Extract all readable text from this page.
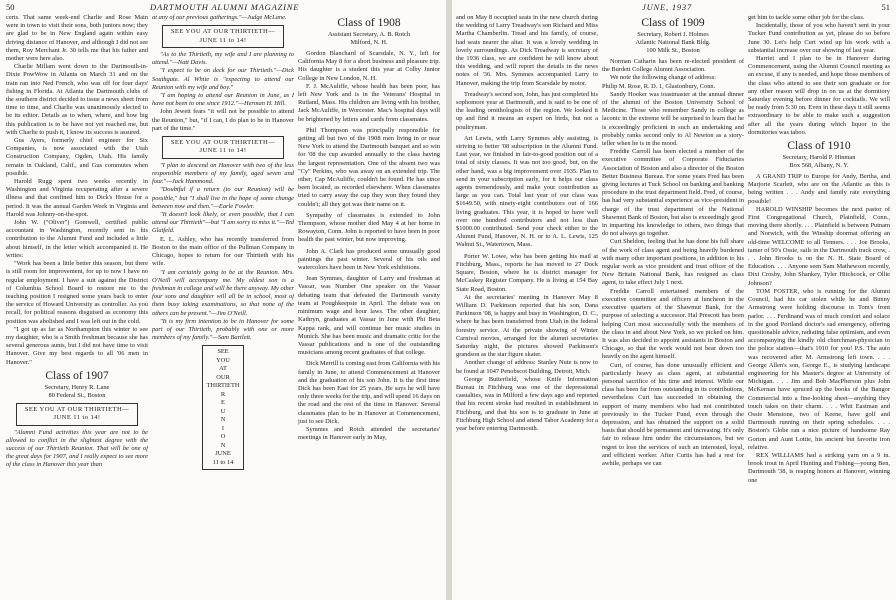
50	DARTMOUTH ALUMNI MAGAZINE

certs. That same week-end Charlie and Rose Main were in town to visit their sons, both juniors now; they are glad to be in New England again within easy driving distance of Hanover, and although I did not see them, Roy Merchant Jr. 30 tells me that his father and mother were here also.

Charlie Millam went down to the Dartmouth-in-Dixie PowWow in Atlanta on March 31 and on the train ran into Ned French, who was off for four days' fishing in Florida. At Atlanta the Dartmouth clubs of the southern district decided to issue a news sheet from time to time, and Charlie was unanimously elected to be its editor. Details as to when, where, and how big this publication is to be have not yet reached me, but with Charlie to push it, I know its success is assured.

Gus Ayers, formerly chief engineer for Six Companies, is now associated with the Utah Construction Company, Ogden, Utah. His family remain in Oakland, Calif., and Gus commutes when possible.

Harold Rugg spent two weeks recently in Washington and Virginia recuperating after a severe illness and that confined him to Dick's House for a period. It was the annual Garden Week in Virginia and Harold was Johnny-on-the-spot.

John W. ("Oliver") Gomwell, certified public accountant in Washington, recently sent in his contribution to the Alumni Fund and included a little about himself, in the letter which accompanied it. He writes:

"Work has been a little better this season, but there is still room for improvement, for up to now I have no regular employment. I have a suit against the District of Columbia School Board to restore me to the teaching position I resigned some years back to enter the service of Howard University as controller. As you recall, for political reasons disguised as economy this position was abolished and I was left out in the cold.

"I got up as far as Northampton this winter to see my daughter, who is a Smith freshman because she has several generous aunts, but I did not have time to visit Hanover. Give my best regards to all '06 men in Hanover."

Class of 1907
Secretary, Henry R. Lane
80 Federal St., Boston
SEE YOU AT OUR THIRTIETH—
JUNE 11 to 14!

"Alumni Fund activities this year are not to be allowed to conflict in the slightest degree with the success of our Thirtieth Reunion. That will be one of the great days for 1907, and I really expect to see more of the class in Hanover this year than

at any of our previous gatherings."—Judge McLane.

SEE YOU AT OUR THIRTIETH—
JUNE 11 to 14!

"As to the Thirtieth, my wife and I are planning to attend."—Natt Davis.

"I expect to be on deck for our Thirtieth."—Dick Southgate. Al White is "expecting to attend our Reunion with my wife and boy."

"I am hoping to attend our Reunion in June, as I have not been to one since 1912."—Herman H. Hill.

John Jewett fears "it will not be possible to attend the Reunion," but, "if I can, I do plan to be in Hanover part of the time."

SEE YOU AT OUR THIRTIETH—
JUNE 11 to 14!

"I plan to descend on Hanover with two of the less responsible members of my family, aged seven and four."—Jack Hammond.

"Doubtful if a return (to our Reunion) will be possible," but "I shall live in the hope of some change between now and then."—Earle Fowler.

"It doesn't look likely, or even possible, that I can attend our Thirtieth"—but "I am sorry to miss it."—Ted Glatfeld.

E. L. Ashley, who has recently transferred from Boston to the main office of the Pullman Company in Chicago, hopes to return for our Thirtieth with his wife.

"I am certainly going to be at the Reunion. Mrs. O'Neill will accompany me. My oldest son is a freshman in college and will be there anyway. My other four sons and daughter will all be in school, most of them busy taking examinations, so that none of the others can be present."—Jim O'Neill.

"It is my firm intention to be in Hanover for some part of our Thirtieth, probably with one or more members of my family."—Sam Bartlett.

SEE
YOU
AT
OUR
THIRTIETH
R
E
U
N
I
O
N
JUNE
11 to 14
Class of 1908
Assistant Secretary, A. B. Rotch
Milford, N. H.

Gordon Blanchard of Scarsdale, N. Y., left for California May 8 for a short business and pleasure trip. His daughter is a student this year at Colby Junior College in New London, N. H.

F. J. McAuliffe, whose health has been poor, has left New York and is in the Veterans' Hospital in Rutland, Mass. His children are living with his brother, Jack McAuliffe, in Worcester. Mac's hospital days will be brightened by letters and cards from classmates.

Phil Thompson was principally responsible for getting all but two of the 1908 men living in or near New York to attend the Dartmouth banquet and so win for '08 the cup awarded annually to the class having the largest representation. One of the absent two was "Cy" Perkins, who was away on an extended trip. The other, Cap McAuliffe, couldn't be found. He has since been located, as recorded elsewhere. When classmates tried to carry away the cup they won they found they couldn't; all they got was their name on it.

Sympathy of classmates is extended to John Thompson, whose mother died May 4 at her home in Rowayton, Conn. John is reported to have been in poor health the past winter, but now improving.

John A. Clark has produced some unusually good paintings the past winter. Several of his oils and watercolors have been in New York exhibitions.

Jean Symmes, daughter of Larry and freshman at Vassar, was Number One speaker on the Vassar debating team that defeated the Dartmouth varsity team at Poughkeepsie in April. The debate was on minimum wage and hour laws. The other daughter, Kathryn, graduates at Vassar in June with Phi Beta Kappa rank, and will continue her music studies in Munich. She has been music and dramatic critic for the Vassar publications and is one of the outstanding musicians among recent graduates of that college.

Dick Merrill is coming east from California with his family in June, to attend Commencement at Hanover and the graduation of his son John. It is the first time Dick has been East for 25 years. He says he will have only three weeks for the trip, and will spend 16 days on the road and the rest of the time in Hanover. Several classmates plan to be in Hanover at Commencement, just to see Dick.

Symmes and Rotch attended the secretaries' meetings in Hanover early in May,

JUNE, 1937	51

and on May 8 occupied seats in the new church during the wedding of Larry Treadway's son Richard and Miss Martha Chamberlin. Tread and his family, of course, had seats nearer the altar. It was a lovely wedding in lovely surroundings. As Dick Treadway is secretary of the 1936 class, we are confident he will know about this wedding, and will report the details in the news notes of '36. Mrs. Symmes accompanied Larry to Hanover, making the trip from Scarsdale by motor.

Treadway's second son, John, has just completed his sophomore year at Dartmouth, and is said to be one of the leading ornithologists of the region. We looked it up and find it means an expert on birds, but not a poultryman.

Art Lewis, with Larry Symmes ably assisting, is striving to better '08 subscription in the Alumni Fund. Last year, we finished in fair-to-good position out of a total of sixty classes. It was not too good, but, on the other hand, was a big improvement over 1935. Plan to send in your subscription early, for it helps our class agents tremendously, and make your contribution as large as you can. Total last year of our class was $1649.50, with ninety-eight contributors out of 166 living graduates. This year, it is hoped to have well over one hundred contributors and not less than $1000.00 contributed. Send your check either to the Alumni Fund, Hanover, N. H. or to A. L. Lewis, 125 Walnut St., Watertown, Mass.

Porter W. Lowe, who has been getting his mail at Fitchburg, Mass., reports he has moved to 27 Dock Square, Boston, where he is district manager for McCaskey Register Company. He is living at 154 Bay State Road, Boston.

At the secretaries' meeting in Hanover May 8 William D. Parkinson reported that his son, Dana Parkinson '08, is happy and busy in Washington, D. C., where he has been transferred from Utah in the federal forestry service. At the private showing of Winter Carnival movies, arranged for the alumni secretaries Saturday night, the pictures showed Parkinson's grandson as the star figure skater.

Another change of address: Stanley Nute is now to be found at 1047 Penobscot Building, Detroit, Mich.

George Butterfield, whose Knife Information Bureau in Fitchburg was one of the depressional casualties, was in Milford a few days ago and reported that his recent stroke had resulted in establishment in Fitchburg, and that his son is to graduate in June at Fitchburg High School and attend Tabor Academy for a year before entering Dartmouth.

Class of 1909
Secretary, Robert J. Holmes
Atlantic National Bank Bldg.
100 Milk St., Boston

Norman Catharin has been re-elected president of the Burdett College Alumni Association.

We note the following change of address:

Philip M. Rose, R. D. 1, Glastonbury, Conn.

Sandy Hooker was toastmaster at the annual dinner of the alumni of the Boston University School of Medicine. Those who remember Sandy in college as laconic in the extreme will be surprised to learn that he is exceedingly proficient in such an undertaking and probably ranks second only to Al Newton as a story-teller when he is in the mood.

Freddie Carroll has been elected a member of the executive committee of Corporate Fiduciaries Association of Boston and also a director of the Boston Better Business Bureau. For some years Fred has been giving lectures at Tuck School on banking and banking procedure in the trust department field. Fred, of course, has had very substantial experience as vice-president in charge of the trust department of the National Shawmut Bank of Boston, but also is exceedingly good in imparting his knowledge to others, two things that do not always go together.

Curt Sheldon, feeling that he has done his full share of the work of class agent and being heavily burdened with many other important positions, in addition to his regular work as vice president and trust officer of the New Britain National Bank, has resigned as class agent, to take effect July 1 next.

Freddie Carroll entertained members of the executive committee and officers at luncheon in the executive quarters of the Shawmut Bank, for the purpose of selecting a successor. Hal Prescott has been helping Curt most successfully with the members of the class in and about New York, so we picked on him. It was also decided to appoint assistants in Boston and Chicago, so that the work would not bear down too heavily on the agent himself.

Curt, of course, has done unusually efficient and particularly heavy as class agent, at substantial personal sacrifice of his time and interest. While our class has been far from outstanding in its contributions, nevertheless Curt has succeeded in obtaining the support of many members who had not contributed previously to the Tucker Fund, even through the depression, and has obtained the support on a solid basis that should be permanent and increasing. It's only fair to release him under the circumstances, but we regret to lose the services of such an interested, loyal, and efficient worker. After Curtis has had a rest for awhile, perhaps we can

get him to tackle some other job for the class.

Incidentally, those of you who haven't sent in your Tucker Fund contribution as yet, please do so before June 30. Let's help Curt wind up his work with a substantial increase over our showing of last year.

Harriet and I plan to be in Hanover during Commencement, using the Alumni Council meeting as an excuse, if any is needed, and hope those members of the class who attend to see their son graduate or for any other reason will drop in on us at the dormitory Saturday evening before dinner for cocktails. We will be ready from 5:30 on. Even in these days it still seems extraordinary to be able to make such a suggestion after all the years during which liquor in the dormitories was taboo.

Class of 1910
Secretary, Harold P. Hinman
Box 568, Albany, N. Y.

A GRAND TRIP to Europe for Andy, Bertha, and Marjorie Scarlett, who are on the Atlantic as this is being written . . . Andy and family rate everything possible!

HAROLD WINSHIP becomes the next pastor of First Congregational Church, Plainfield, Conn., moving there shortly. . . . Plainfield is between Putnam and Norwich, with the Winship doormat offering an old-time WELCOME to all Tenners. . . . Joe Brooks, tamer of 50's Ossie, sails in the Dartmouth track crew, . . . John Brooks is on the N. H. State Board of Education. . . . Anyone seen Sam Mathewson recently, Dixi Crosby, John Shankey, Tyler Hitchcock, or Ollie Johnson?

TOM FOSTER, who is running for the Alumni Council, had his car stolen while he and Bunny Armstrong were holding discourse in Tom's front parlor. . . . Ferdinand was of much comfort and solace in the good Portland doctor's sad emergency, offering questionable advice, radiating false optimism, and even accompanying the kindly old churchman-physician to the police station—that's 1910 for you! P.S. The auto was recovered after M. Armstrong left town. . . . George Allen's son, George E., is studying landscape engineering for his Master's degree at University of Michigan. . . . Jim and Bob MacPherson plus John McKernan have spruced up the books of the Bangor Commercial into a fine-looking sheet—anything they touch takes on their charm. . . . Whit Eastman and Ossie Menstone, two of Keene, have golf and Dartmouth running on their spring schedules. . . . Boston's Globe ran a nice picture of handsome Ray Gorton and Aunt Lottie, his ancient but favorite iron relative.

REX WILLIAMS had a striking yarn on a 9 in. brook trout in April Hunting and Fishing—young Ben, Dartmouth '38, is reaping honors at Hanover, winning one
